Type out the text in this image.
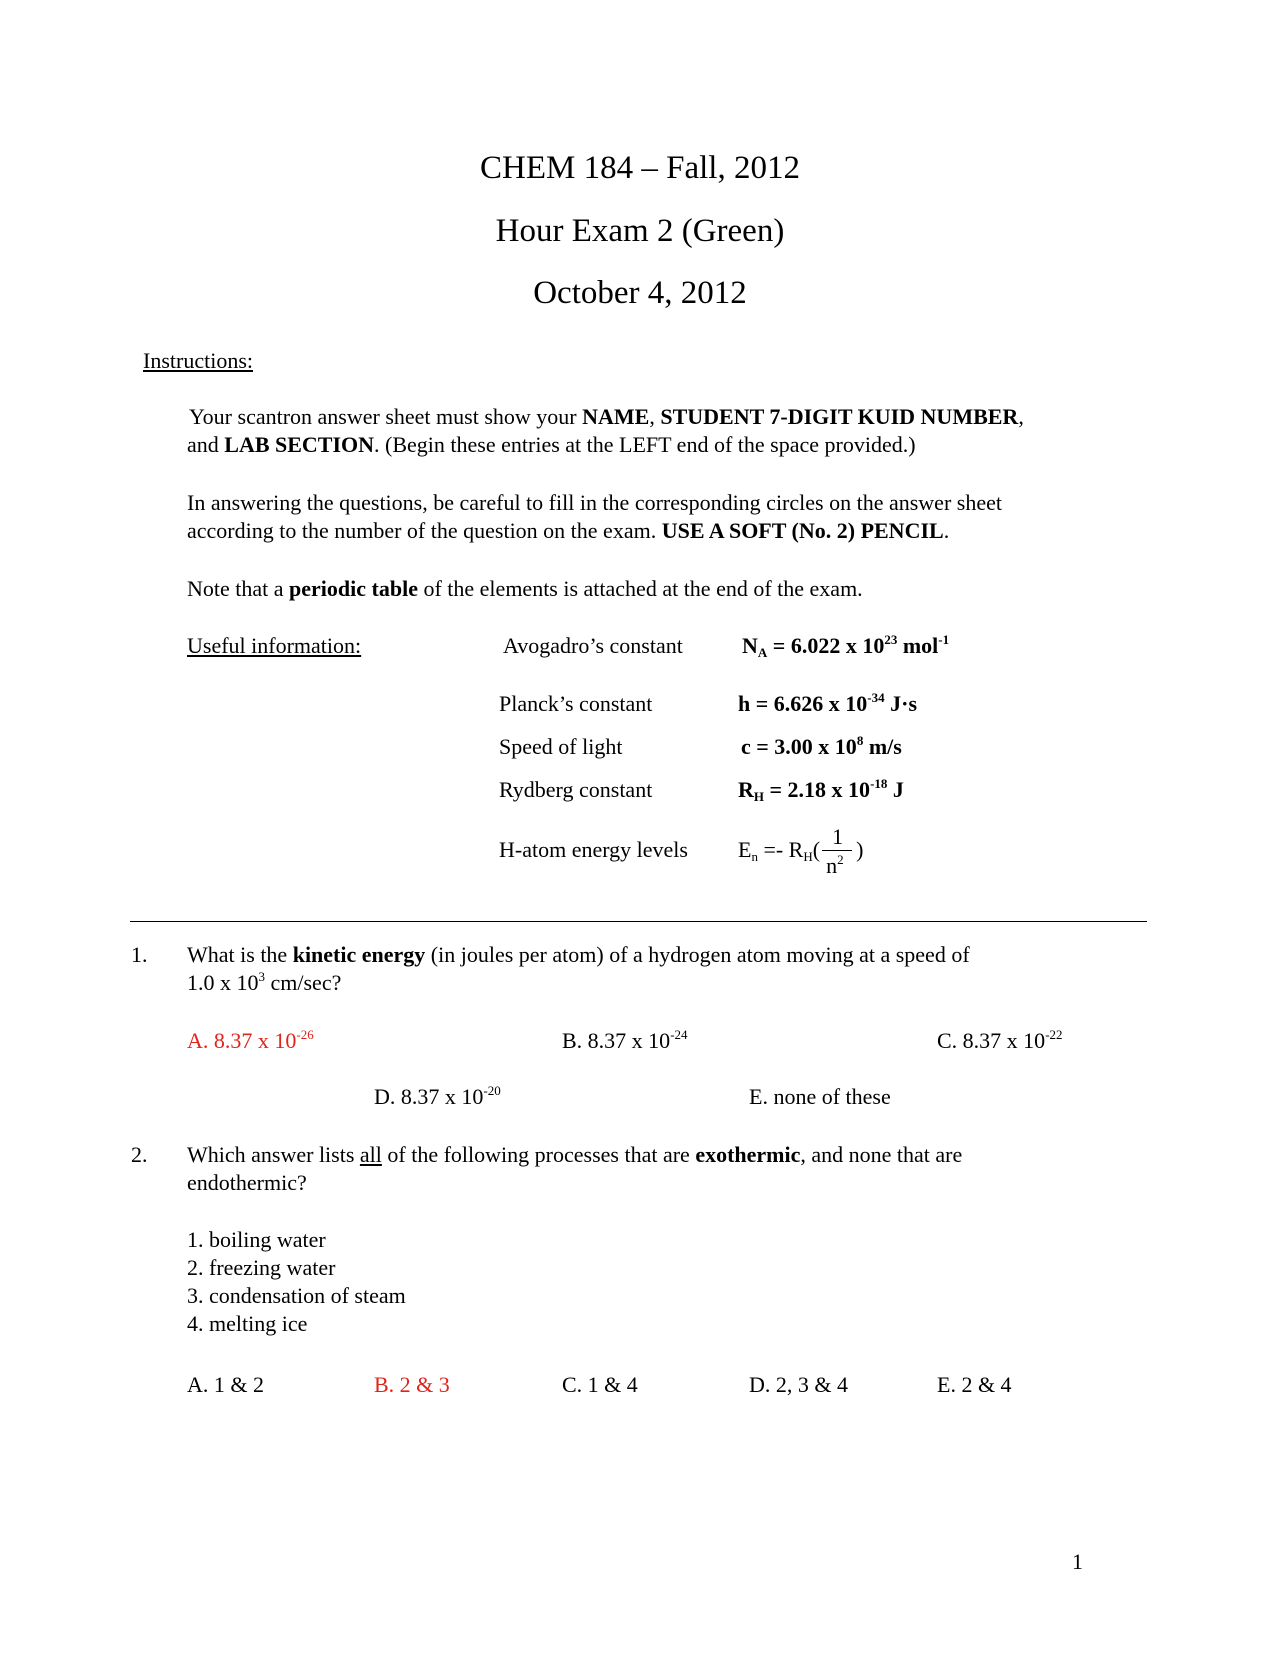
CHEM 184 – Fall, 2012
Hour Exam 2 (Green)
October 4, 2012
Instructions:
Your scantron answer sheet must show your NAME, STUDENT 7-DIGIT KUID NUMBER,
and LAB SECTION. (Begin these entries at the LEFT end of the space provided.)
In answering the questions, be careful to fill in the corresponding circles on the answer sheet
according to the number of the question on the exam. USE A SOFT (No. 2) PENCIL.
Note that a periodic table of the elements is attached at the end of the exam.
Useful information:	Avogadro’s constant	$N_A = 6.022$ x $10^{23}$ mol$^{-1}$
Planck’s constant	h = 6.626 x $10^{-34}$ J·s
Speed of light	c = 3.00 x $10^8$ m/s
Rydberg constant	$R_H = 2.18$ x $10^{-18}$ J
H-atom energy levels $E_n =- R_H( \frac{1}{n^2}$ )
1. What is the kinetic energy (in joules per atom) of a hydrogen atom moving at a speed of
1.0 x $10^3$ cm/sec?
A. 8.37 x $10^{-26}$	B. 8.37 x $10^{-24}$	C. 8.37 x $10^{-22}$
D. 8.37 x $10^{-20}$	E. none of these
2. Which answer lists all of the following processes that are exothermic, and none that are
endothermic?
1. boiling water
2. freezing water
3. condensation of steam
4. melting ice
A. 1 & 2	B. 2 & 3	C. 1 & 4	D. 2, 3 & 4	E. 2 & 4
1
